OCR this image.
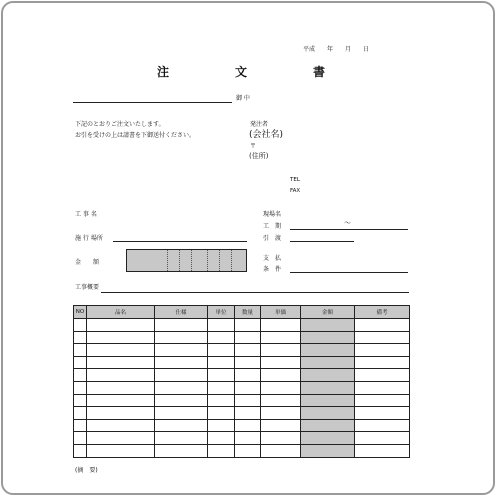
平成　　年　　月　　日
注	文	書
御 中
下記のとおりご注文いたします。
お引を受けの上は請書を下御送付ください。
発注者
(会社名)
〒
(住所)
TEL
FAX
工 事 名
施 行 場所
金　　額
工事概要
現場名
工　期	～
引　渡
支　払
条　件
NO	品名	仕様	単位	数量	単価	金額	備考

(摘　要)
